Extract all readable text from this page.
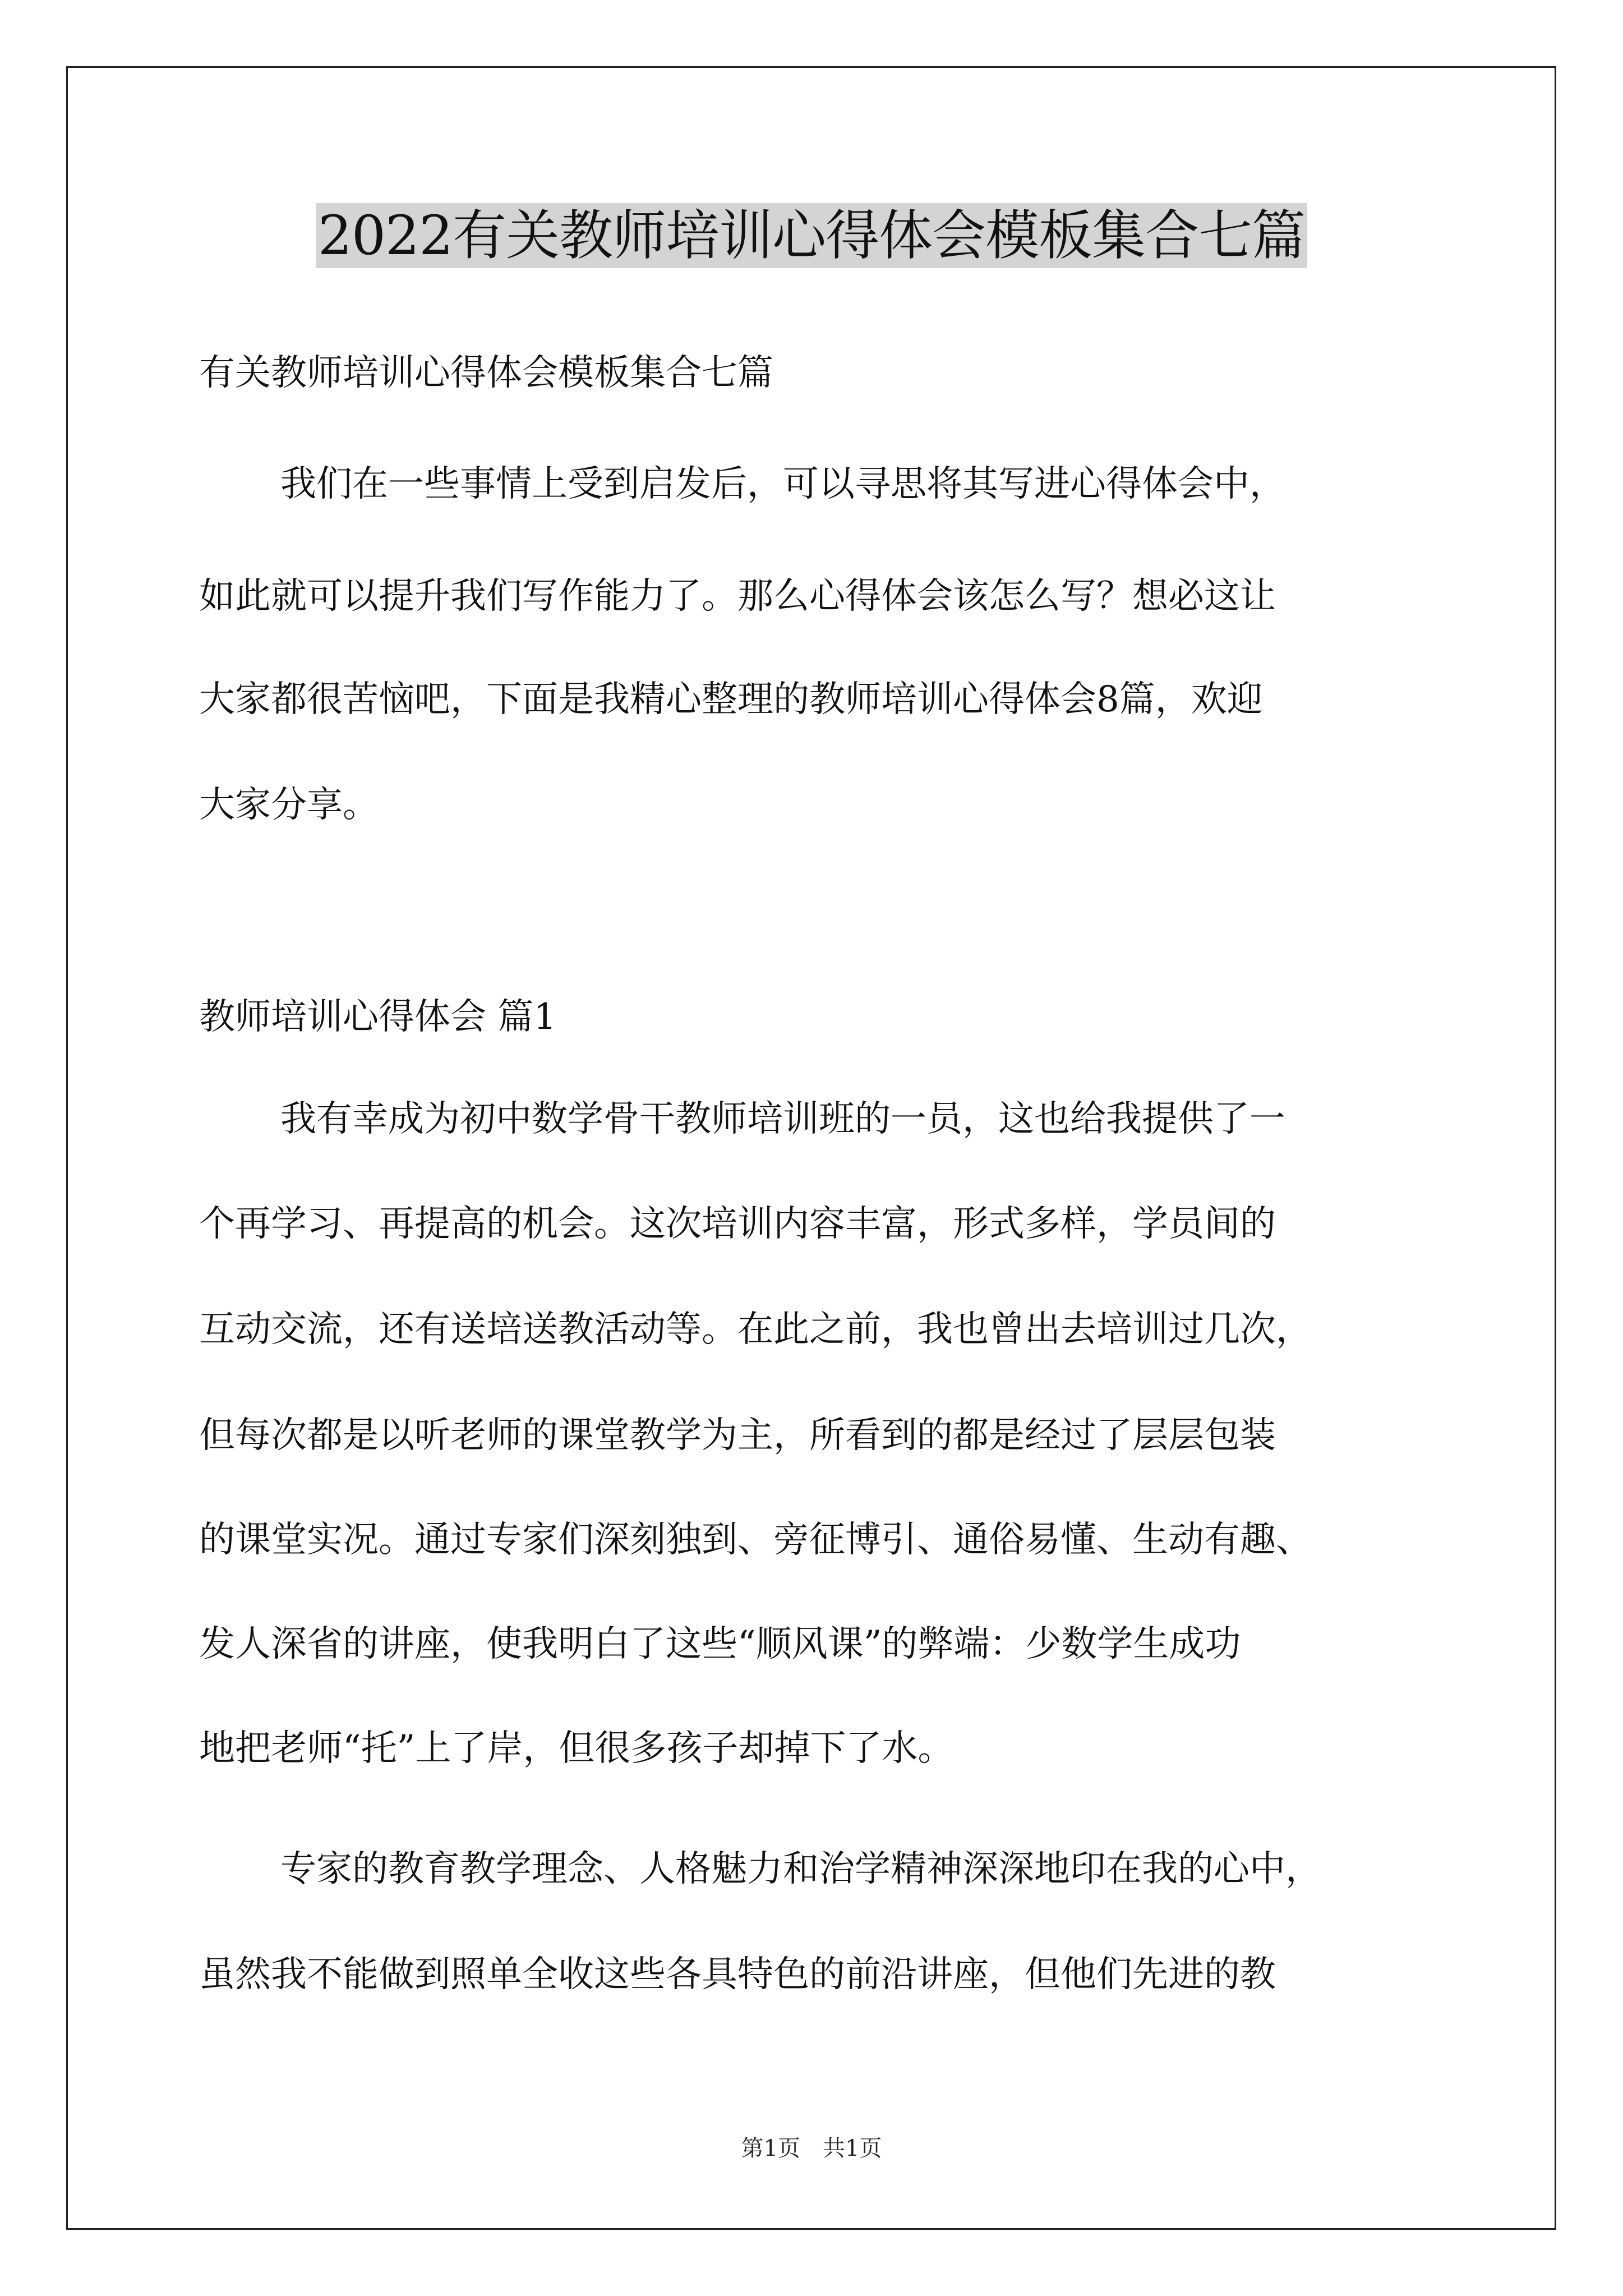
2022有关教师培训心得体会模板集合七篇
有关教师培训心得体会模板集合七篇
我们在一些事情上受到启发后，可以寻思将其写进心得体会中，
如此就可以提升我们写作能力了。那么心得体会该怎么写？想必这让
大家都很苦恼吧，下面是我精心整理的教师培训心得体会8篇，欢迎
大家分享。
教师培训心得体会 篇1
我有幸成为初中数学骨干教师培训班的一员，这也给我提供了一
个再学习、再提高的机会。这次培训内容丰富，形式多样，学员间的
互动交流，还有送培送教活动等。在此之前，我也曾出去培训过几次，
但每次都是以听老师的课堂教学为主，所看到的都是经过了层层包装
的课堂实况。通过专家们深刻独到、旁征博引、通俗易懂、生动有趣、
发人深省的讲座，使我明白了这些“顺风课”的弊端：少数学生成功
地把老师“托”上了岸，但很多孩子却掉下了水。
专家的教育教学理念、人格魅力和治学精神深深地印在我的心中，
虽然我不能做到照单全收这些各具特色的前沿讲座，但他们先进的教
第1页　共1页
